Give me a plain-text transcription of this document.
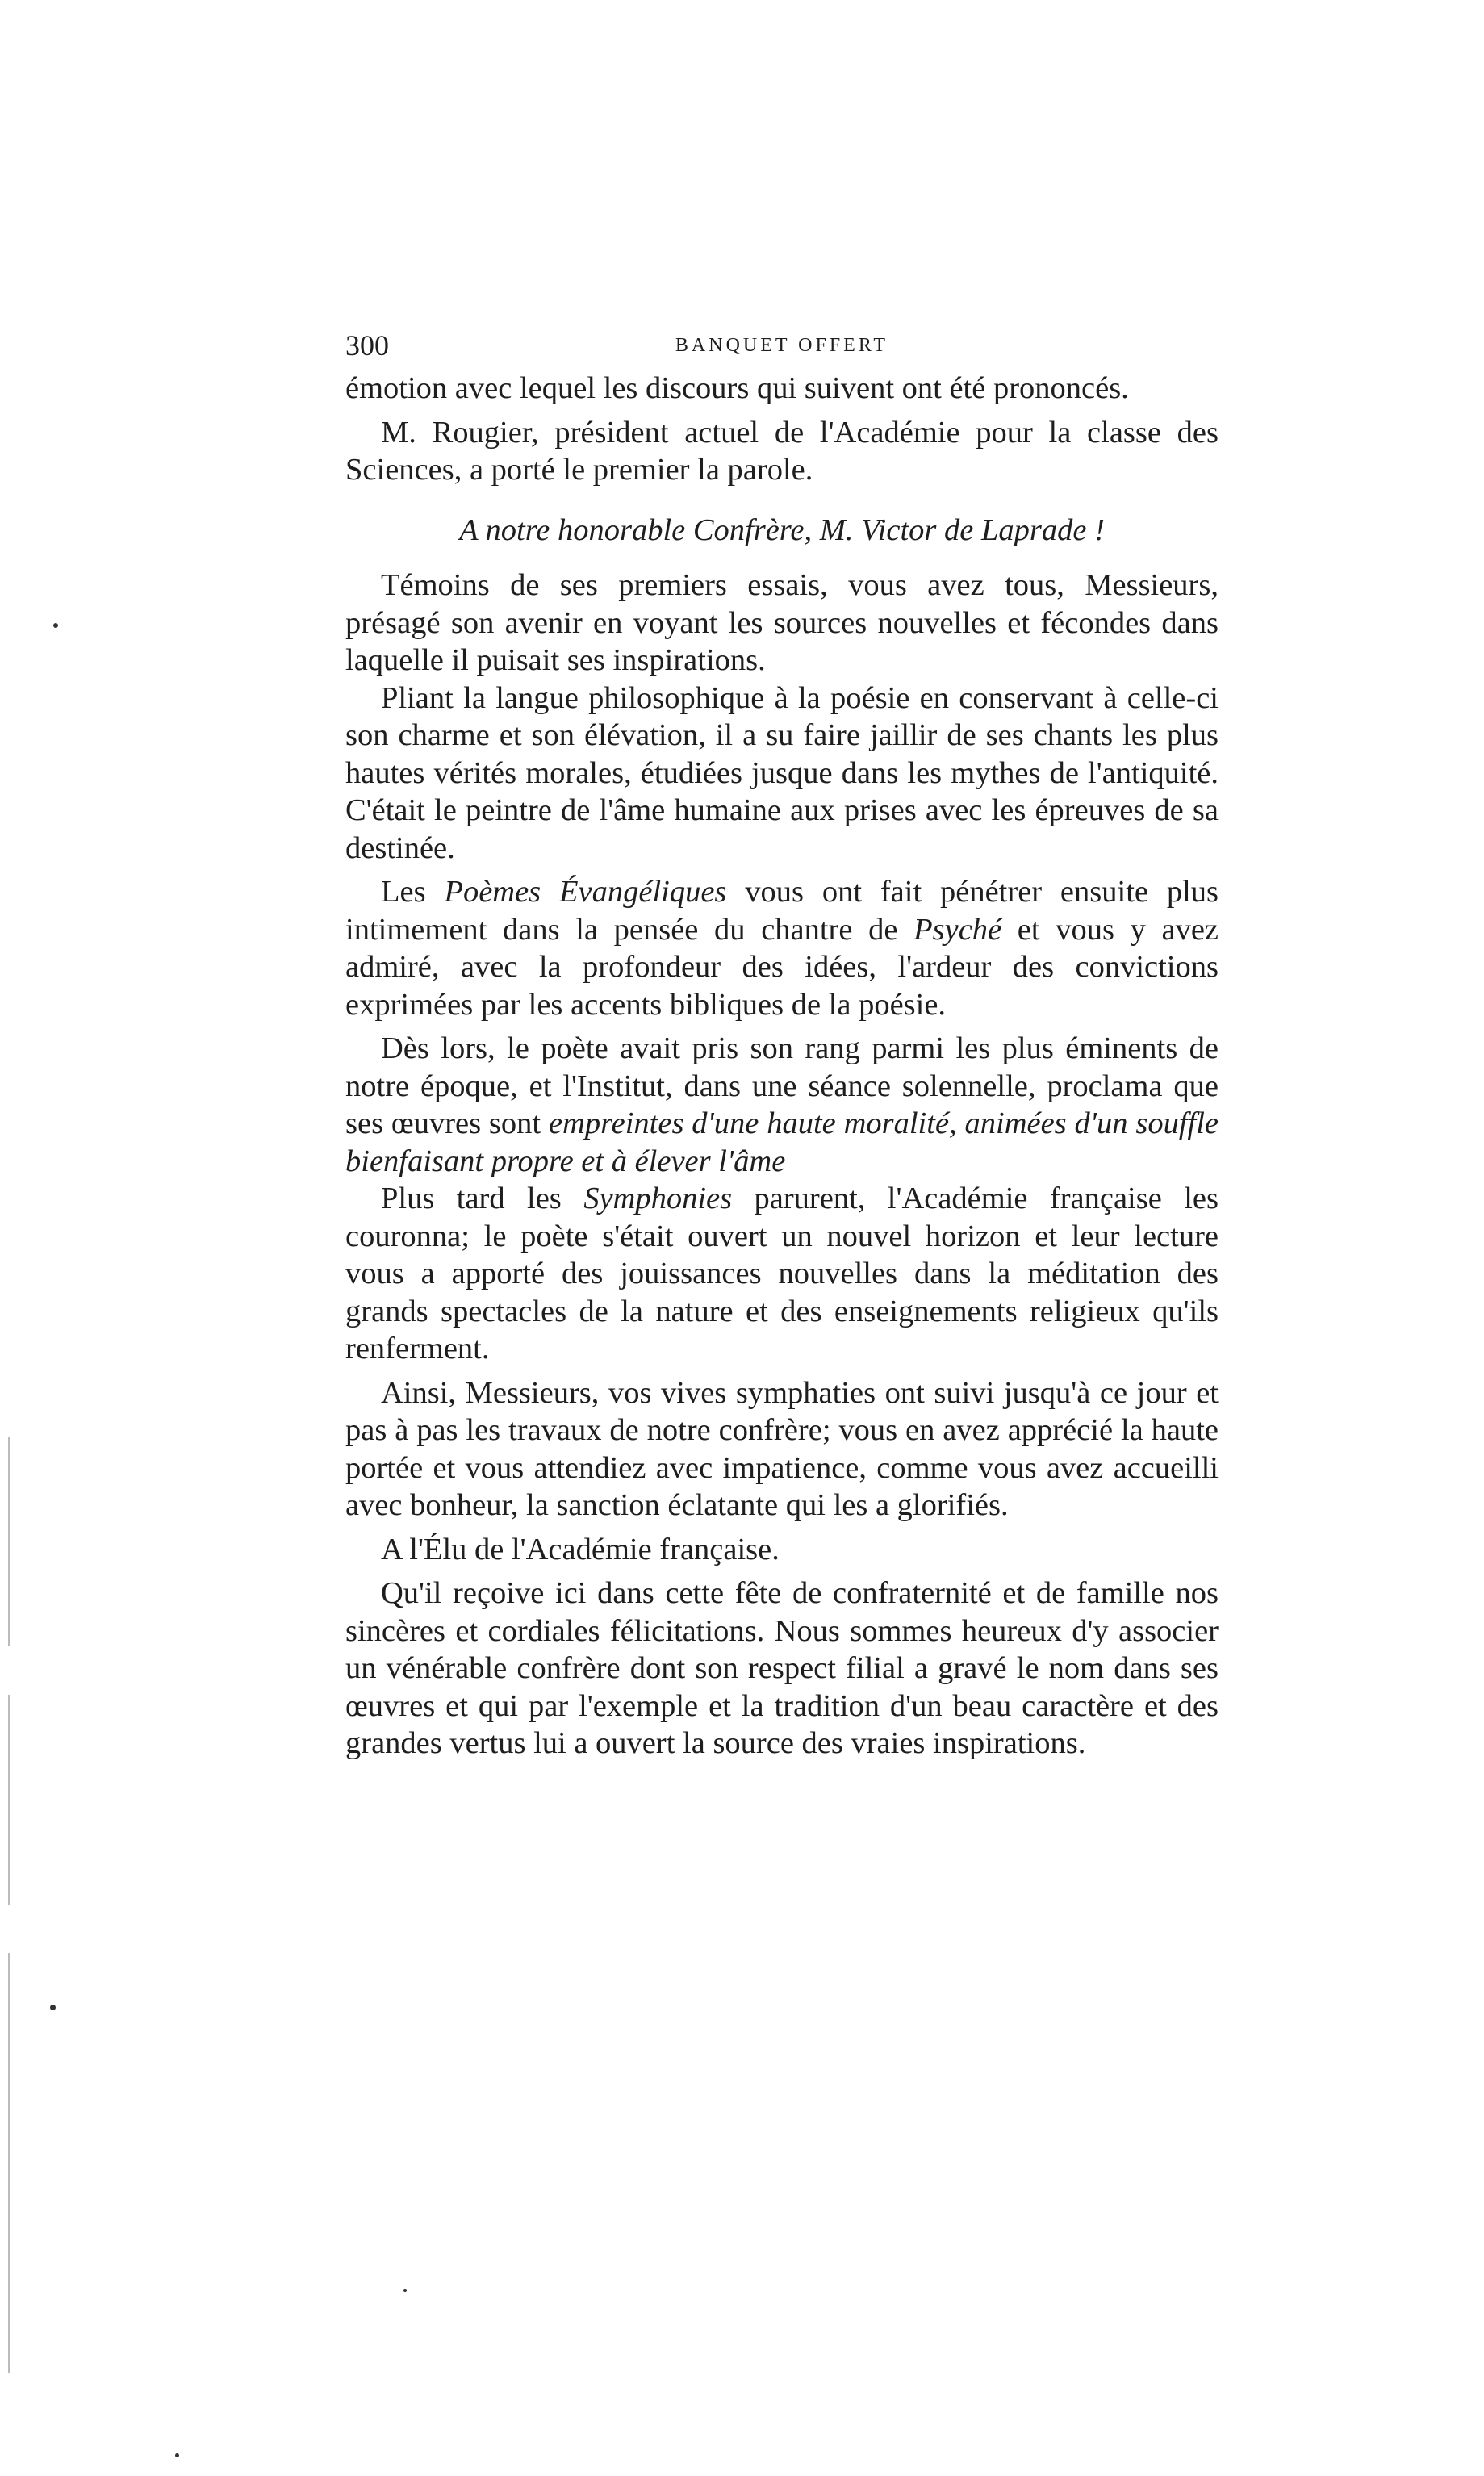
300	BANQUET OFFERT

émotion avec lequel les discours qui suivent ont été prononcés.

M. Rougier, président actuel de l'Académie pour la classe des Sciences, a porté le premier la parole.

A notre honorable Confrère, M. Victor de Laprade !

Témoins de ses premiers essais, vous avez tous, Messieurs, présagé son avenir en voyant les sources nouvelles et fécondes dans laquelle il puisait ses inspirations.

Pliant la langue philosophique à la poésie en conservant à celle-ci son charme et son élévation, il a su faire jaillir de ses chants les plus hautes vérités morales, étudiées jusque dans les mythes de l'antiquité. C'était le peintre de l'âme humaine aux prises avec les épreuves de sa destinée.

Les Poèmes Évangéliques vous ont fait pénétrer ensuite plus intimement dans la pensée du chantre de Psyché et vous y avez admiré, avec la profondeur des idées, l'ardeur des convictions exprimées par les accents bibliques de la poésie.

Dès lors, le poète avait pris son rang parmi les plus éminents de notre époque, et l'Institut, dans une séance solennelle, proclama que ses œuvres sont empreintes d'une haute moralité, animées d'un souffle bienfaisant propre et à élever l'âme

Plus tard les Symphonies parurent, l'Académie française les couronna; le poète s'était ouvert un nouvel horizon et leur lecture vous a apporté des jouissances nouvelles dans la méditation des grands spectacles de la nature et des enseignements religieux qu'ils renferment.

Ainsi, Messieurs, vos vives symphaties ont suivi jusqu'à ce jour et pas à pas les travaux de notre confrère; vous en avez apprécié la haute portée et vous attendiez avec impatience, comme vous avez accueilli avec bonheur, la sanction éclatante qui les a glorifiés.

A l'Élu de l'Académie française.

Qu'il reçoive ici dans cette fête de confraternité et de famille nos sincères et cordiales félicitations. Nous sommes heureux d'y associer un vénérable confrère dont son respect filial a gravé le nom dans ses œuvres et qui par l'exemple et la tradition d'un beau caractère et des grandes vertus lui a ouvert la source des vraies inspirations.
